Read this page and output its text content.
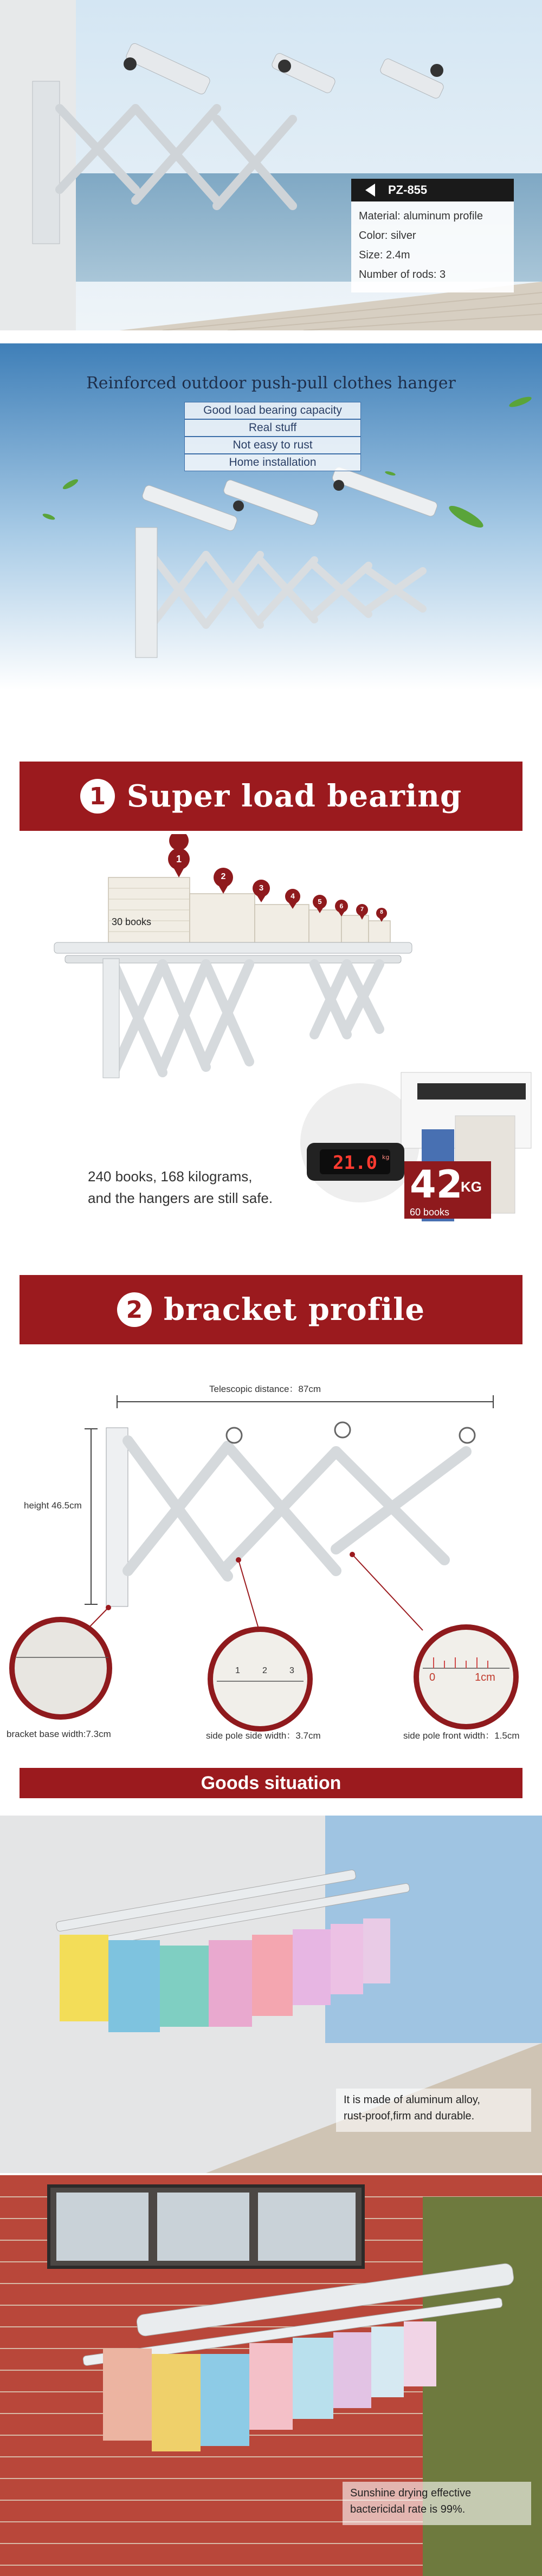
PZ-855
Material: aluminum profile
Color: silver
Size: 2.4m
Number of rods: 3
Reinforced outdoor push-pull clothes hanger
Good load bearing capacity
Real stuff
Not easy to rust
Home installation
1 Super load bearing
21.0 kg
30 books
1
2
3
4
5
6	7	8
240 books, 168 kilograms,
and the hangers are still safe.	42
KG
60 books
2 bracket profile
Telescopic distance：87cm
height 46.5cm
bracket base width:7.3cm	side pole side width：3.7cm	side pole front width：1.5cm
1	2	3
0	1cm
Goods situation
It is made of aluminum alloy,
rust-proof,firm and durable.
Sunshine drying effective
bactericidal rate is 99%.
